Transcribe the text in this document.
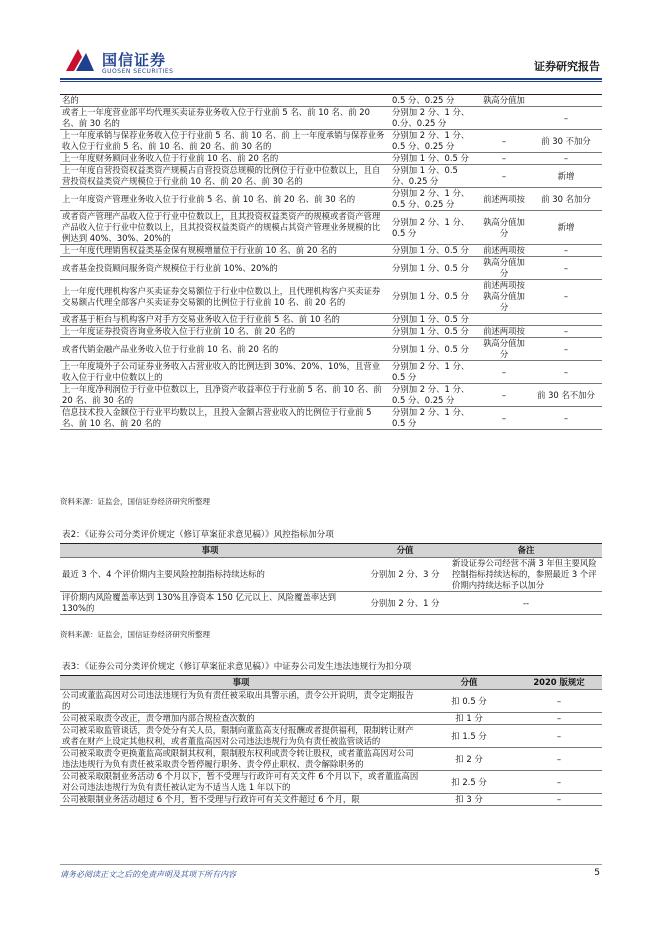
国信证券
GUOSEN SECURITIES	证券研究报告
名的	0.5 分、0.25 分	孰高分值加	
或者上一年度营业部平均代理买卖证券业务收入位于行业前 5 名、前 10 名、前 20 名、前 30 名的	分别加 2 分、1 分、0.分、0.25 分		–
上一年度承销与保荐业务收入位于行业前 5 名、前 10 名、前 上一年度承销与保荐业务收入位于行业前 5 名、前 10 名、前 20 名、前 30 名的	分别加 2 分、1 分、0.5 分、0.25 分	–	前 30 不加分
上一年度财务顾问业务收入位于行业前 10 名、前 20 名的	分别加 1 分、0.5 分	–	–
上一年度自营投资权益类资产规模占自营投资总规模的比例位于行业中位数以上，且自营投资权益类资产规模位于行业前 10 名、前 20 名、前 30 名的	分别加 1 分、0.5 分、0.25 分	–	新增
上一年度资产管理业务收入位于行业前 5 名、前 10 名、前 20 名、前 30 名的	分别加 2 分、1 分、0.5 分、0.25 分	前述两项按	前 30 名加分
或者资产管理产品收入位于行业中位数以上，且其投资权益类资产的规模或者资产管理产品收入位于行业中位数以上，且其投资权益类资产的规模占其资产管理业务规模的比例达到 40%、30%、20%的	分别加 2 分、1 分、0.5 分	孰高分值加分	新增
上一年度代理销售权益类基金保有规模增量位于行业前 10 名、前 20 名的	分别加 1 分、0.5 分	前述两项按	–
或者基金投资顾问服务资产规模位于行业前 10%、20%的	分别加 1 分、0.5 分	孰高分值加分	–
上一年度代理机构客户买卖证券交易额位于行业中位数以上，且代理机构客户买卖证券交易额占代理全部客户买卖证券交易额的比例位于行业前 10 名、前 20 名的	分别加 1 分、0.5 分	前述两项按孰高分值加分	–
或者基于柜台与机构客户对手方交易业务收入位于行业前 5 名、前 10 名的	分别加 1 分、0.5 分		
上一年度证券投资咨询业务收入位于行业前 10 名、前 20 名的	分别加 1 分、0.5 分	前述两项按	–
或者代销金融产品业务收入位于行业前 10 名、前 20 名的	分别加 1 分、0.5 分	孰高分值加分	–
上一年度境外子公司证券业务收入占营业收入的比例达到 30%、20%、10%，且营业收入位于行业中位数以上的	分别加 2 分、1 分、0.5 分	–	–
上一年度净利润位于行业中位数以上，且净资产收益率位于行业前 5 名、前 10 名、前 20 名、前 30 名的	分别加 2 分、1 分、0.5 分、0.25 分	–	前 30 名不加分
信息技术投入金额位于行业平均数以上，且投入金额占营业收入的比例位于行业前 5 名、前 10 名、前 20 名的	分别加 2 分、1 分、0.5 分	–	–
资料来源：证监会，国信证券经济研究所整理
表2：《证券公司分类评价规定（修订草案征求意见稿）》风控指标加分项
事项	分值	备注
最近 3 个、4 个评价期内主要风险控制指标持续达标的	分别加 2 分、3 分	新设证券公司经营不满 3 年但主要风险控制指标持续达标的，参照最近 3 个评价期内持续达标予以加分
评价期内风险覆盖率达到 130%且净资本 150 亿元以上、风险覆盖率达到 130%的	分别加 2 分、1 分	--
资料来源：证监会，国信证券经济研究所整理
表3：《证券公司分类评价规定（修订草案征求意见稿）》中证券公司发生违法违规行为扣分项
事项	分值	2020 版规定
公司或董监高因对公司违法违规行为负有责任被采取出具警示函，责令公开说明，责令定期报告的	扣 0.5 分	–
公司被采取责令改正，责令增加内部合规检查次数的	扣 1 分	–
公司被采取监管谈话，责令处分有关人员，限制向董监高支付报酬或者提供福利，限制转让财产或者在财产上设定其他权利，或者董监高因对公司违法违规行为负有责任被监管谈话的	扣 1.5 分	–
公司被采取责令更换董监高或限制其权利，限制股东权利或责令转让股权，或者董监高因对公司违法违规行为负有责任被采取责令暂停履行职务、责令停止职权、责令解除职务的	扣 2 分	–
公司被采取限制业务活动 6 个月以下，暂不受理与行政许可有关文件 6 个月以下，或者董监高因对公司违法违规行为负有责任被认定为不适当人选 1 年以下的	扣 2.5 分	–
公司被限制业务活动超过 6 个月，暂不受理与行政许可有关文件超过 6 个月，限	扣 3 分	–
请务必阅读正文之后的免责声明及其项下所有内容	5
